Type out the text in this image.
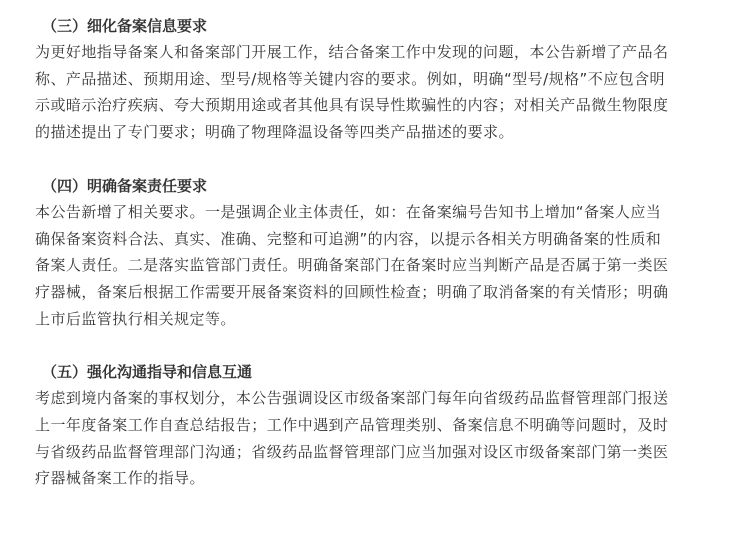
（三）细化备案信息要求
为更好地指导备案人和备案部门开展工作，结合备案工作中发现的问题，本公告新增了产品名
称、产品描述、预期用途、型号/规格等关键内容的要求。例如，明确“型号/规格”不应包含明
示或暗示治疗疾病、夸大预期用途或者其他具有误导性欺骗性的内容；对相关产品微生物限度
的描述提出了专门要求；明确了物理降温设备等四类产品描述的要求。
（四）明确备案责任要求
本公告新增了相关要求。一是强调企业主体责任，如：在备案编号告知书上增加“备案人应当
确保备案资料合法、真实、准确、完整和可追溯”的内容，以提示各相关方明确备案的性质和
备案人责任。二是落实监管部门责任。明确备案部门在备案时应当判断产品是否属于第一类医
疗器械，备案后根据工作需要开展备案资料的回顾性检查；明确了取消备案的有关情形；明确
上市后监管执行相关规定等。
（五）强化沟通指导和信息互通
考虑到境内备案的事权划分，本公告强调设区市级备案部门每年向省级药品监督管理部门报送
上一年度备案工作自查总结报告；工作中遇到产品管理类别、备案信息不明确等问题时，及时
与省级药品监督管理部门沟通；省级药品监督管理部门应当加强对设区市级备案部门第一类医
疗器械备案工作的指导。
